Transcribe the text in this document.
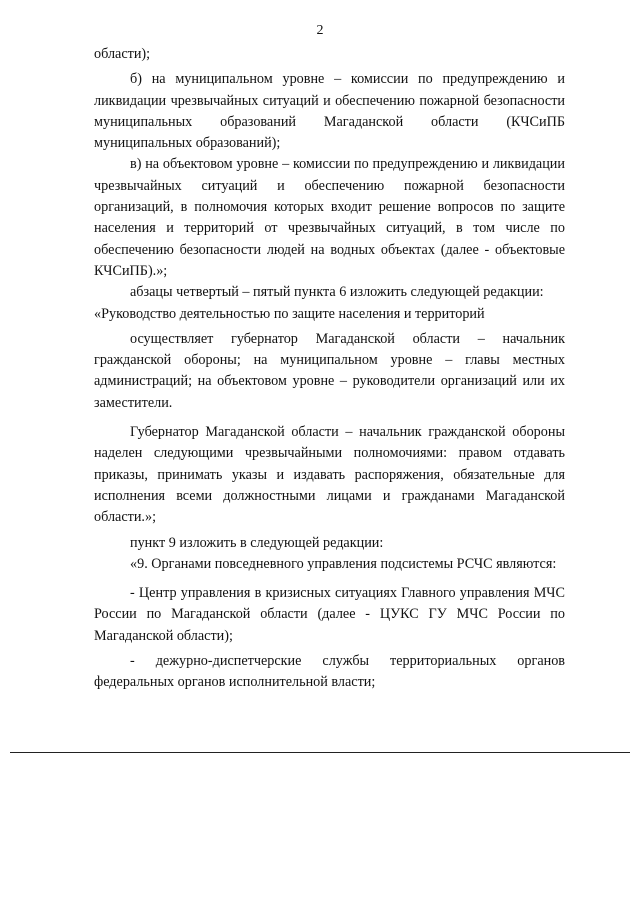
2

области);

б) на муниципальном уровне – комиссии по предупреждению и ликвидации чрезвычайных ситуаций и обеспечению пожарной безопасности муниципальных образований Магаданской области (КЧСиПБ муниципальных образований);

в) на объектовом уровне – комиссии по предупреждению и ликвидации чрезвычайных ситуаций и обеспечению пожарной безопасности организаций, в полномочия которых входит решение вопросов по защите населения и территорий от чрезвычайных ситуаций, в том числе по обеспечению безопасности людей на водных объектах (далее - объектовые КЧСиПБ).»;

абзацы четвертый – пятый пункта 6 изложить следующей редакции:

«Руководство деятельностью по защите населения и территорий

осуществляет губернатор Магаданской области – начальник гражданской обороны; на муниципальном уровне – главы местных администраций; на объектовом уровне – руководители организаций или их заместители.

Губернатор Магаданской области – начальник гражданской обороны наделен следующими чрезвычайными полномочиями: правом отдавать приказы, принимать указы и издавать распоряжения, обязательные для исполнения всеми должностными лицами и гражданами Магаданской области.»;

пункт 9 изложить в следующей редакции:

«9. Органами повседневного управления подсистемы РСЧС являются:

- Центр управления в кризисных ситуациях Главного управления МЧС России по Магаданской области (далее - ЦУКС ГУ МЧС России по Магаданской области);

- дежурно-диспетчерские службы территориальных органов федеральных органов исполнительной власти;
